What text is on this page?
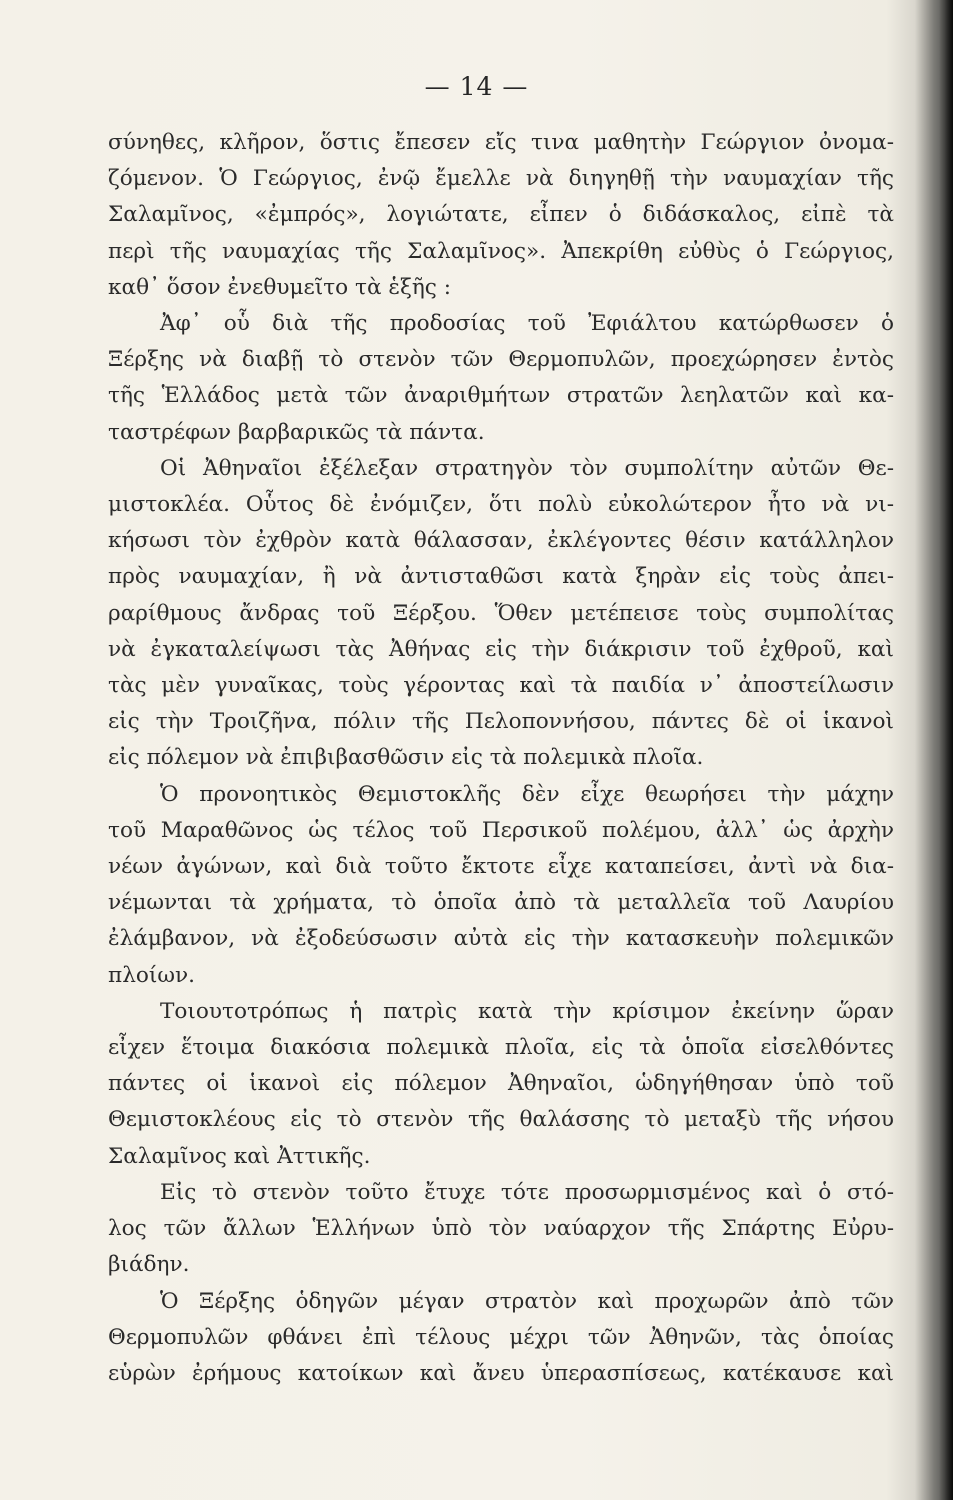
— 14 —
σύνηθες, κλῆρον, ὅστις ἔπεσεν εἴς τινα μαθητὴν Γεώργιον ὀνομα-
ζόμενον. Ὁ Γεώργιος, ἐνῷ ἔμελλε νὰ διηγηθῇ τὴν ναυμαχίαν τῆς
Σαλαμῖνος, «ἐμπρός», λογιώτατε, εἶπεν ὁ διδάσκαλος, εἰπὲ τὰ
περὶ τῆς ναυμαχίας τῆς Σαλαμῖνος». Ἀπεκρίθη εὐθὺς ὁ Γεώργιος,
καθ᾿ ὅσον ἐνεθυμεῖτο τὰ ἑξῆς :
Ἀφ᾿ οὗ διὰ τῆς προδοσίας τοῦ Ἐφιάλτου κατώρθωσεν ὁ
Ξέρξης νὰ διαβῇ τὸ στενὸν τῶν Θερμοπυλῶν, προεχώρησεν ἐντὸς
τῆς Ἑλλάδος μετὰ τῶν ἀναριθμήτων στρατῶν λεηλατῶν καὶ κα-
ταστρέφων βαρβαρικῶς τὰ πάντα.
Οἱ Ἀθηναῖοι ἐξέλεξαν στρατηγὸν τὸν συμπολίτην αὐτῶν Θε-
μιστοκλέα. Οὗτος δὲ ἐνόμιζεν, ὅτι πολὺ εὐκολώτερον ἦτο νὰ νι-
κήσωσι τὸν ἐχθρὸν κατὰ θάλασσαν, ἐκλέγοντες θέσιν κατάλληλον
πρὸς ναυμαχίαν, ἢ νὰ ἀντισταθῶσι κατὰ ξηρὰν εἰς τοὺς ἀπει-
ραρίθμους ἄνδρας τοῦ Ξέρξου. Ὅθεν μετέπεισε τοὺς συμπολίτας
νὰ ἐγκαταλείψωσι τὰς Ἀθήνας εἰς τὴν διάκρισιν τοῦ ἐχθροῦ, καὶ
τὰς μὲν γυναῖκας, τοὺς γέροντας καὶ τὰ παιδία ν᾿ ἀποστείλωσιν
εἰς τὴν Τροιζῆνα, πόλιν τῆς Πελοποννήσου, πάντες δὲ οἱ ἱκανοὶ
εἰς πόλεμον νὰ ἐπιβιβασθῶσιν εἰς τὰ πολεμικὰ πλοῖα.
Ὁ προνοητικὸς Θεμιστοκλῆς δὲν εἶχε θεωρήσει τὴν μάχην
τοῦ Μαραθῶνος ὡς τέλος τοῦ Περσικοῦ πολέμου, ἀλλ᾿ ὡς ἀρχὴν
νέων ἀγώνων, καὶ διὰ τοῦτο ἔκτοτε εἶχε καταπείσει, ἀντὶ νὰ δια-
νέμωνται τὰ χρήματα, τὸ ὁποῖα ἀπὸ τὰ μεταλλεῖα τοῦ Λαυρίου
ἐλάμβανον, νὰ ἐξοδεύσωσιν αὐτὰ εἰς τὴν κατασκευὴν πολεμικῶν
πλοίων.
Τοιουτοτρόπως ἡ πατρὶς κατὰ τὴν κρίσιμον ἐκείνην ὥραν
εἶχεν ἕτοιμα διακόσια πολεμικὰ πλοῖα, εἰς τὰ ὁποῖα εἰσελθόντες
πάντες οἱ ἱκανοὶ εἰς πόλεμον Ἀθηναῖοι, ὡδηγήθησαν ὑπὸ τοῦ
Θεμιστοκλέους εἰς τὸ στενὸν τῆς θαλάσσης τὸ μεταξὺ τῆς νήσου
Σαλαμῖνος καὶ Ἀττικῆς.
Εἰς τὸ στενὸν τοῦτο ἔτυχε τότε προσωρμισμένος καὶ ὁ στό-
λος τῶν ἄλλων Ἑλλήνων ὑπὸ τὸν ναύαρχον τῆς Σπάρτης Εὐρυ-
βιάδην.
Ὁ Ξέρξης ὁδηγῶν μέγαν στρατὸν καὶ προχωρῶν ἀπὸ τῶν
Θερμοπυλῶν φθάνει ἐπὶ τέλους μέχρι τῶν Ἀθηνῶν, τὰς ὁποίας
εὑρὼν ἐρήμους κατοίκων καὶ ἄνευ ὑπερασπίσεως, κατέκαυσε καὶ
